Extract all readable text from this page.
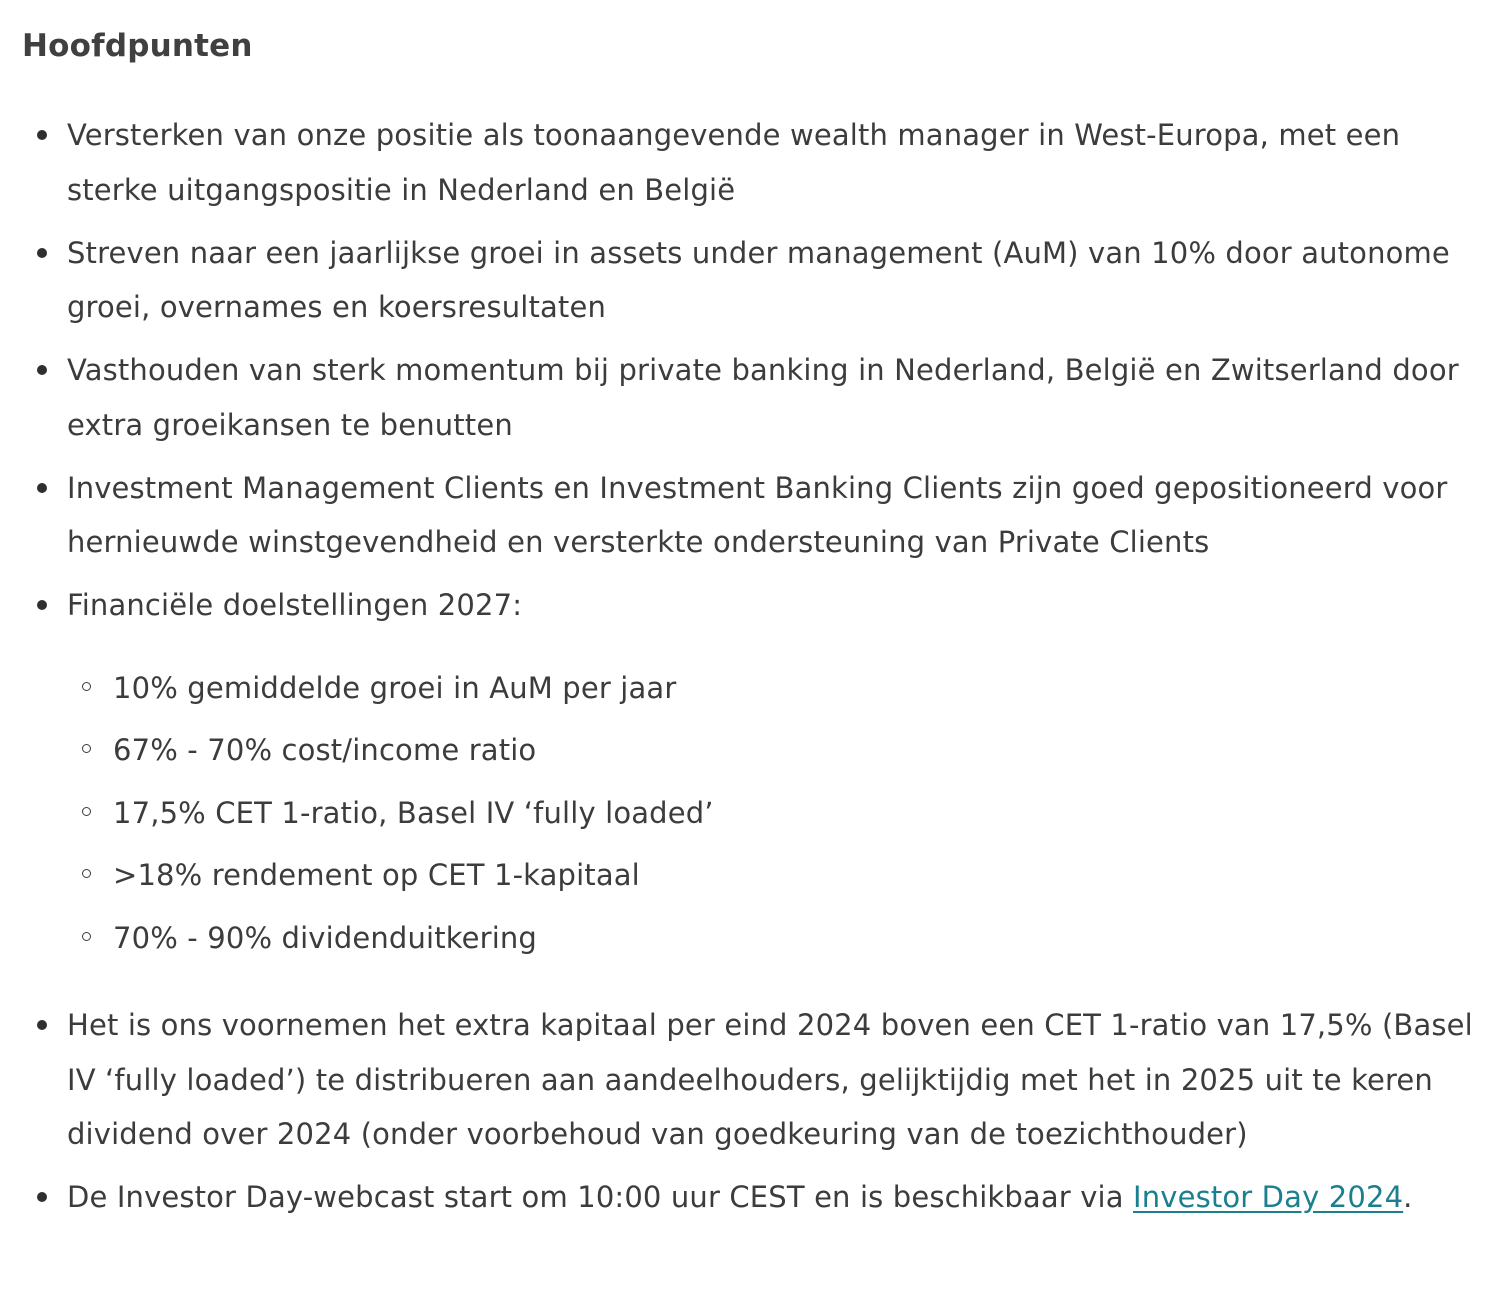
Hoofdpunten
Versterken van onze positie als toonaangevende wealth manager in West-Europa, met een sterke uitgangspositie in Nederland en België
Streven naar een jaarlijkse groei in assets under management (AuM) van 10% door autonome groei, overnames en koersresultaten
Vasthouden van sterk momentum bij private banking in Nederland, België en Zwitserland door extra groeikansen te benutten
Investment Management Clients en Investment Banking Clients zijn goed gepositioneerd voor hernieuwde winstgevendheid en versterkte ondersteuning van Private Clients
Financiële doelstellingen 2027:
10% gemiddelde groei in AuM per jaar
67% - 70% cost/income ratio
17,5% CET 1-ratio, Basel IV ‘fully loaded’
>18% rendement op CET 1-kapitaal
70% - 90% dividenduitkering
Het is ons voornemen het extra kapitaal per eind 2024 boven een CET 1-ratio van 17,5% (Basel IV ‘fully loaded’) te distribueren aan aandeelhouders, gelijktijdig met het in 2025 uit te keren dividend over 2024 (onder voorbehoud van goedkeuring van de toezichthouder)
De Investor Day-webcast start om 10:00 uur CEST en is beschikbaar via Investor Day 2024.
